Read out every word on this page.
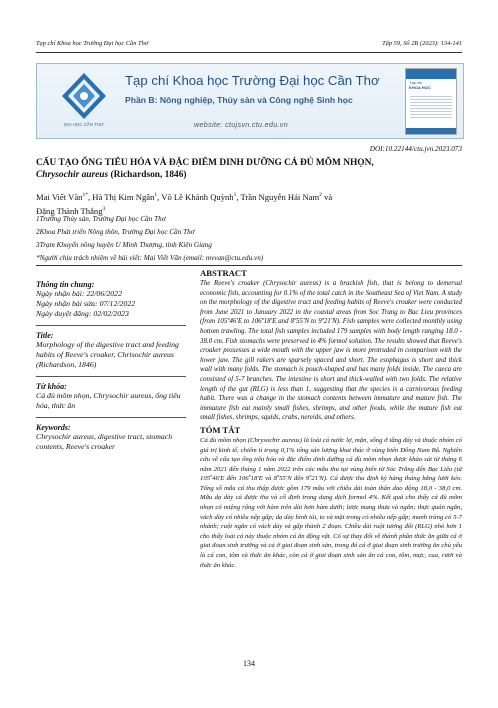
Tạp chí Khoa học Trường Đại học Cần Thơ	Tập 59, Số 2B (2023): 134-141
ĐẠI HỌC CẦN THƠ
Tạp chí Khoa học Trường Đại học Cần Thơ
Phần B: Nông nghiệp, Thủy sản và Công nghệ Sinh học
website: ctujsvn.ctu.edu.vn
Tạp chí
KHOA HỌC
DOI:10.22144/ctu.jvn.2023.073
CẤU TẠO ỐNG TIÊU HÓA VÀ ĐẶC ĐIỂM DINH DƯỠNG CÁ ĐỦ MÕM NHỌN,
Chrysochir aureus (Richardson, 1846)
Mai Viết Văn$^{1*}$, Hà Thị Kim Ngân$^1$, Võ Lê Khánh Quỳnh$^1$, Trần Nguyễn Hải Nam$^2$ và
Đặng Thành Thắng$^3$
1Trường Thủy sản, Trường Đại học Cần Thơ
2Khoa Phát triển Nông thôn, Trường Đại học Cần Thơ
3Trạm Khuyến nông huyện U Minh Thượng, tỉnh Kiên Giang
*Người chịu trách nhiệm về bài viết: Mai Viết Văn (email: mvvan@ctu.edu.vn)
Thông tin chung:
Ngày nhận bài: 22/06/2022
Ngày nhận bài sửa: 07/12/2022
Ngày duyệt đăng: 02/02/2023
Title:
Morphology of the digestive tract and feeding habits of Reeve's croaker, Chrisochir aureus (Richardson, 1846)
Từ khóa:
Cá đù mõm nhọn, Chrysochir aureus, ống tiêu hóa, thức ăn
Keywords:
Chrysochir aureus, digestive tract, stomach contents, Reeve's croaker
ABSTRACT
The Reeve's croaker (Chrysochir aureus) is a brackish fish, that is belong to demersal economic fish, accounting for 0.1% of the total catch in the Southeast Sea of Viet Nam. A study on the morphology of the digestive tract and feeding habits of Reeve's croaker were conducted from June 2021 to January 2022 in the coastal areas from Soc Trang to Bac Lieu provinces (from 105º46'E to 106º18'E and 8º55'N to 9º21'N). Fish samples were collected monthly using bottom trawling. The total fish samples included 179 samples with body length ranging 18.0 - 38.0 cm. Fish stomachs were preserved in 4% formol solution. The results showed that Reeve's croaker possesses a wide mouth with the upper jaw is more protruded in comparison with the lower jaw. The gill rakers are sparsely spaced and short. The esophagus is short and thick wall with many folds. The stomach is pouch-shaped and has many folds inside. The caeca are consisted of 5-7 branches. The intestine is short and thick-walled with two folds. The relative length of the gut (RLG) is less than 1, suggesting that the species is a carnivorous feeding habit. There was a change in the stomach contents between immature and mature fish. The immature fish eat mainly small fishes, shrimps, and other foods, while the mature fish eat small fishes, shrimps, squids, crabs, nereids, and others.
TÓM TẮT
Cá đù mõm nhọn (Chrysochir aureus) là loài cá nước lợ, mặn, sống ở tầng đáy và thuộc nhóm có giá trị kinh tế, chiếm tỉ trọng 0,1% tổng sản lượng khai thác ở vùng biển Đông Nam Bộ. Nghiên cứu về cấu tạo ống tiêu hóa và đặc điểm dinh dưỡng cá đù mõm nhọn được khảo sát từ tháng 6 năm 2021 đến tháng 1 năm 2022 trên các mẫu thu tại vùng biển từ Sóc Trăng đến Bạc Liêu (từ 105º46'E đến 106º18'E và 8º55'N đến 9º21'N). Cá được thu định kỳ hàng tháng bằng lưới kéo. Tổng số mẫu cá thu thập được gồm 179 mẫu với chiều dài toàn thân dao động 18,0 - 38,0 cm. Mẫu dạ dày cá được thu và cố định trong dung dịch formol 4%. Kết quả cho thấy cá đù mõm nhọn có miệng rộng với hàm trên dài hơn hàm dưới; lược mang thưa và ngắn; thực quản ngắn, vách dày có nhiều nếp gấp; dạ dày hình túi, to và mặt trong có nhiều nếp gấp; manh tràng có 5-7 nhánh; ruột ngắn có vách dày và gấp thành 2 đoạn. Chiều dài ruột tương đối (RLG) nhỏ hơn 1 cho thấy loài cá này thuộc nhóm cá ăn động vật. Có sự thay đổi về thành phần thức ăn giữa cá ở giai đoạn sinh trưởng và cá ở giai đoạn sinh sản, trong đó cá ở giai đoạn sinh trưởng ăn chủ yếu là cá con, tôm và thức ăn khác, còn cá ở giai đoạn sinh sản ăn cá con, tôm, mực, cua, rươi và thức ăn khác.
134
